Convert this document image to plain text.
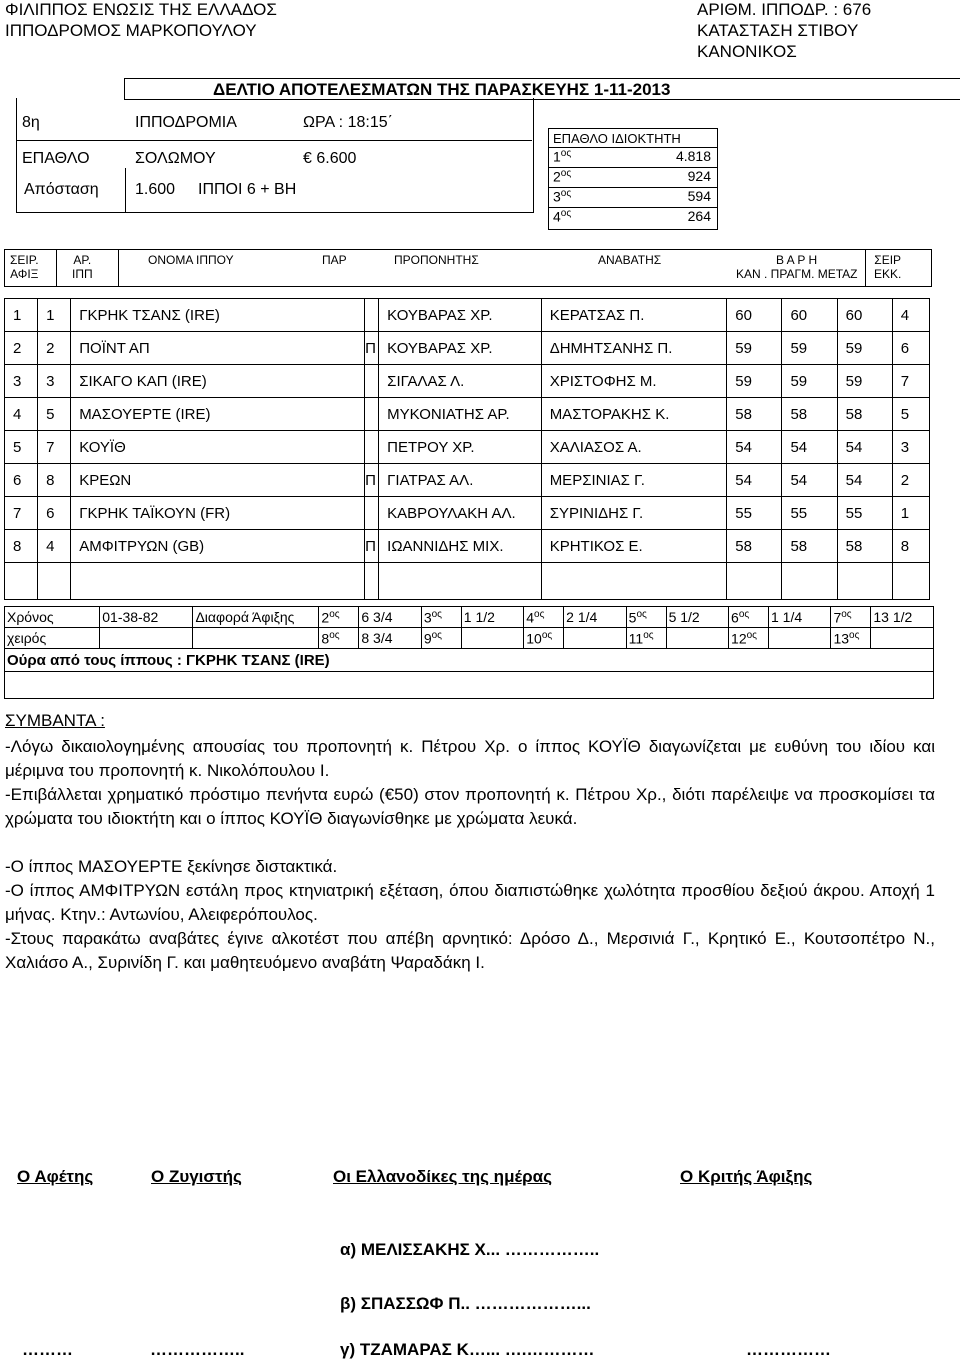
ΦΙΛΙΠΠΟΣ ΕΝΩΣΙΣ ΤΗΣ ΕΛΛΑΔΟΣ
ΙΠΠΟΔΡΟΜΟΣ ΜΑΡΚΟΠΟΥΛΟΥ
ΑΡΙΘΜ. ΙΠΠΟΔΡ. : 676
ΚΑΤΑΣΤΑΣΗ ΣΤΙΒΟΥ
ΚΑΝΟΝΙΚΟΣ
ΔΕΛΤΙΟ ΑΠΟΤΕΛΕΣΜΑΤΩΝ ΤΗΣ ΠΑΡΑΣΚΕΥΗΣ 1-11-2013
8η	ΙΠΠΟΔΡΟΜΙΑ	ΩΡΑ : 18:15΄
ΕΠΑΘΛΟ	ΣΟΛΩΜΟΥ	€ 6.600
Απόσταση 1.600 ΙΠΠΟΙ 6 + ΒΗ
ΕΠΑΘΛΟ ΙΔΙΟΚΤΗΤΗ
$1^{o\varsigma}$	4.818
$2^{o\varsigma}$	924
$3^{o\varsigma}$	594
$4^{o\varsigma}$	264
ΣΕΙΡ.
ΑΦΙΞ
ΑΡ.
ΙΠΠ
ΟΝΟΜΑ ΙΠΠΟΥ	ΠΑΡ	ΠΡΟΠΟΝΗΤΗΣ	ΑΝΑΒΑΤΗΣ	Β Α Ρ Η
ΚΑΝ . ΠΡΑΓΜ. ΜΕΤΑΖ
ΣΕΙΡ
ΕΚΚ.
1	1	ΓΚΡΗΚ ΤΣΑΝΣ (IRE)		ΚΟΥΒΑΡΑΣ ΧΡ.	ΚΕΡΑΤΣΑΣ Π.	60	60	60	4
2	2	ΠΟΪΝΤ ΑΠ	Π	ΚΟΥΒΑΡΑΣ ΧΡ.	ΔΗΜΗΤΣΑΝΗΣ Π.	59	59	59	6
3	3	ΣΙΚΑΓΟ ΚΑΠ (IRE)		ΣΙΓΑΛΑΣ Λ.	ΧΡΙΣΤΟΦΗΣ Μ.	59	59	59	7
4	5	ΜΑΣΟΥΕΡΤΕ (IRE)		ΜΥΚΟΝΙΑΤΗΣ ΑΡ.	ΜΑΣΤΟΡΑΚΗΣ Κ.	58	58	58	5
5	7	ΚΟΥΪΘ		ΠΕΤΡΟΥ ΧΡ.	ΧΑΛΙΑΣΟΣ Α.	54	54	54	3
6	8	ΚΡΕΩΝ	Π	ΓΙΑΤΡΑΣ ΑΛ.	ΜΕΡΣΙΝΙΑΣ Γ.	54	54	54	2
7	6	ΓΚΡΗΚ ΤΑΪΚΟΥΝ (FR)		ΚΑΒΡΟΥΛΑΚΗ ΑΛ.	ΣΥΡΙΝΙΔΗΣ Γ.	55	55	55	1
8	4	ΑΜΦΙΤΡΥΩΝ (GB)	Π	ΙΩΑΝΝΙΔΗΣ ΜΙΧ.	ΚΡΗΤΙΚΟΣ Ε.	58	58	58	8

Χρόνος	01-38-82	Διαφορά Άφιξης	$2^{o\varsigma}$	6 3/4	$3^{o\varsigma}$	1 1/2	$4^{o\varsigma}$	2 1/4	$5^{o\varsigma}$	5 1/2	$6^{o\varsigma}$	1 1/4	$7^{o\varsigma}$	13 1/2
χειρός			$8^{o\varsigma}$	8 3/4	$9^{o\varsigma}$		$10^{o\varsigma}$		$11^{o\varsigma}$		$12^{o\varsigma}$		$13^{o\varsigma}$	
Ούρα από τους ίππους : ΓΚΡΗΚ ΤΣΑΝΣ (IRE)														

ΣΥΜΒΑΝΤΑ :
-Λόγω δικαιολογημένης απουσίας του προπονητή κ. Πέτρου Χρ. ο ίππος ΚΟΥΪΘ διαγωνίζεται με ευθύνη του ιδίου και μέριμνα του προπονητή κ. Νικολόπουλου Ι.
-Επιβάλλεται χρηματικό πρόστιμο πενήντα ευρώ (€50) στον προπονητή κ. Πέτρου Χρ., διότι παρέλειψε να προσκομίσει τα χρώματα του ιδιοκτήτη και ο ίππος ΚΟΥΪΘ διαγωνίσθηκε με χρώματα λευκά.
-Ο ίππος ΜΑΣΟΥΕΡΤΕ ξεκίνησε διστακτικά.
-Ο ίππος ΑΜΦΙΤΡΥΩΝ εστάλη προς κτηνιατρική εξέταση, όπου διαπιστώθηκε χωλότητα προσθίου δεξιού άκρου. Αποχή 1 μήνας. Κτην.: Αντωνίου, Αλειφερόπουλος.
-Στους παρακάτω αναβάτες έγινε αλκοτέστ που απέβη αρνητικό: Δρόσο Δ., Μερσινιά Γ., Κρητικό Ε., Κουτσοπέτρο Ν., Χαλιάσο Α., Συρινίδη Γ. και μαθητευόμενο αναβάτη Ψαραδάκη Ι.
Ο Αφέτης	Ο Ζυγιστής	Οι Ελλανοδίκες της ημέρας	Ο Κριτής Άφιξης
α) ΜΕΛΙΣΣΑΚΗΣ Χ... ……………..
β) ΣΠΑΣΣΩΦ Π.. ………………...
γ) ΤΖΑΜΑΡΑΣ Κ…... ….…………
………	……………..	……………
